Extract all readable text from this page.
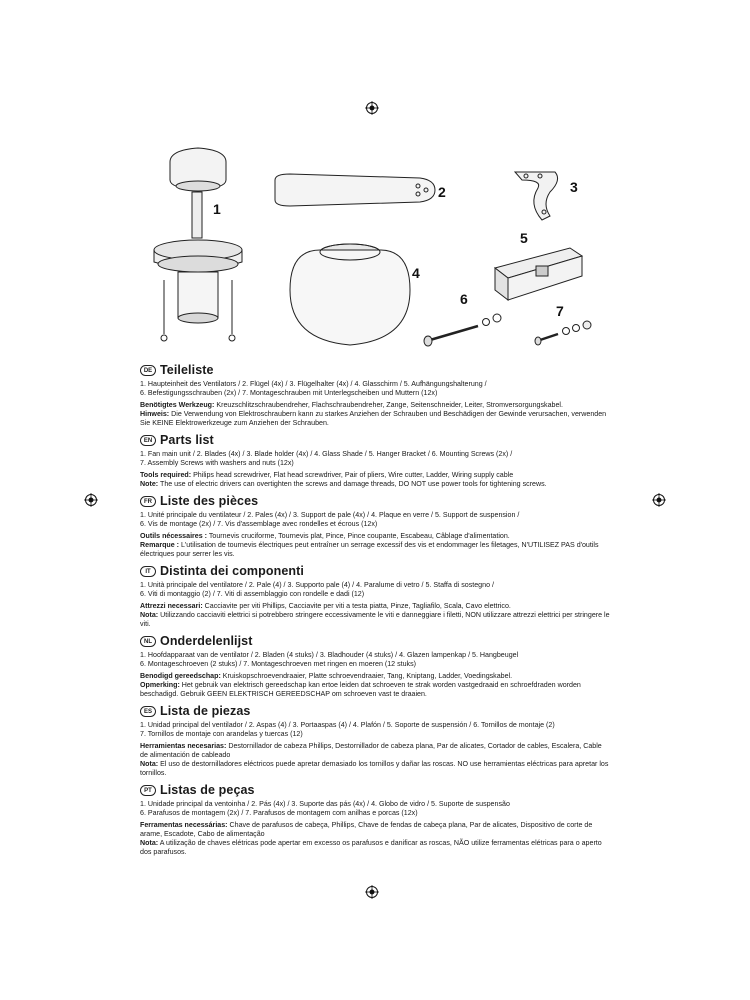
1
2	3
4
5
6
7
DE Teileliste

1. Haupteinheit des Ventilators / 2. Flügel (4x) / 3. Flügelhalter (4x) / 4. Glasschirm / 5. Aufhängungshalterung /

6. Befestigungsschrauben (2x) / 7. Montageschrauben mit Unterlegscheiben und Muttern (12x)

Benötigtes Werkzeug: Kreuzschlitzschraubendreher, Flachschraubendreher, Zange, Seitenschneider, Leiter, Stromversorgungskabel.

Hinweis: Die Verwendung von Elektroschraubern kann zu starkes Anziehen der Schrauben und Beschädigen der Gewinde verursachen, verwenden Sie KEINE Elektrowerkzeuge zum Anziehen der Schrauben.

EN Parts list

1. Fan main unit / 2. Blades (4x) / 3. Blade holder (4x) / 4. Glass Shade / 5. Hanger Bracket / 6. Mounting Screws (2x) /

7. Assembly Screws with washers and nuts (12x)

Tools required: Philips head screwdriver, Flat head screwdriver, Pair of pliers, Wire cutter, Ladder, Wiring supply cable

Note: The use of electric drivers can overtighten the screws and damage threads, DO NOT use power tools for tightening screws.

FR Liste des pièces

1. Unité principale du ventilateur / 2. Pales (4x) / 3. Support de pale (4x) / 4. Plaque en verre / 5. Support de suspension /

6. Vis de montage (2x) / 7. Vis d'assemblage avec rondelles et écrous (12x)

Outils nécessaires : Tournevis cruciforme, Tournevis plat, Pince, Pince coupante, Escabeau, Câblage d'alimentation.

Remarque : L'utilisation de tournevis électriques peut entraîner un serrage excessif des vis et endommager les filetages, N'UTILISEZ PAS d'outils électriques pour serrer les vis.

IT Distinta dei componenti

1. Unità principale del ventilatore / 2. Pale (4) / 3. Supporto pale (4) / 4. Paralume di vetro / 5. Staffa di sostegno /

6. Viti di montaggio (2) / 7. Viti di assemblaggio con rondelle e dadi (12)

Attrezzi necessari: Cacciavite per viti Phillips, Cacciavite per viti a testa piatta, Pinze, Tagliafilo, Scala, Cavo elettrico.

Nota: Utilizzando cacciaviti elettrici si potrebbero stringere eccessivamente le viti e danneggiare i filetti, NON utilizzare attrezzi elettrici per stringere le viti.

NL Onderdelenlijst

1. Hoofdapparaat van de ventilator / 2. Bladen (4 stuks) / 3. Bladhouder (4 stuks) / 4. Glazen lampenkap / 5. Hangbeugel

6. Montageschroeven (2 stuks) / 7. Montageschroeven met ringen en moeren (12 stuks)

Benodigd gereedschap: Kruiskopschroevendraaier, Platte schroevendraaier, Tang, Kniptang, Ladder, Voedingskabel.

Opmerking: Het gebruik van elektrisch gereedschap kan ertoe leiden dat schroeven te strak worden vastgedraaid en schroefdraden worden beschadigd. Gebruik GEEN ELEKTRISCH GEREEDSCHAP om schroeven vast te draaien.

ES Lista de piezas

1. Unidad principal del ventilador / 2. Aspas (4) / 3. Portaaspas (4) / 4. Plafón / 5. Soporte de suspensión / 6. Tornillos de montaje (2)

7. Tornillos de montaje con arandelas y tuercas (12)

Herramientas necesarias: Destornillador de cabeza Phillips, Destornillador de cabeza plana, Par de alicates, Cortador de cables, Escalera, Cable de alimentación de cableado

Nota: El uso de destornilladores eléctricos puede apretar demasiado los tornillos y dañar las roscas. NO use herramientas eléctricas para apretar los tornillos.

PT Listas de peças

1. Unidade principal da ventoinha / 2. Pás (4x) / 3. Suporte das pás (4x) / 4. Globo de vidro / 5. Suporte de suspensão

6. Parafusos de montagem (2x) / 7. Parafusos de montagem com anilhas e porcas (12x)

Ferramentas necessárias: Chave de parafusos de cabeça, Phillips, Chave de fendas de cabeça plana, Par de alicates, Dispositivo de corte de arame, Escadote, Cabo de alimentação

Nota: A utilização de chaves elétricas pode apertar em excesso os parafusos e danificar as roscas, NÃO utilize ferramentas elétricas para o aperto dos parafusos.
